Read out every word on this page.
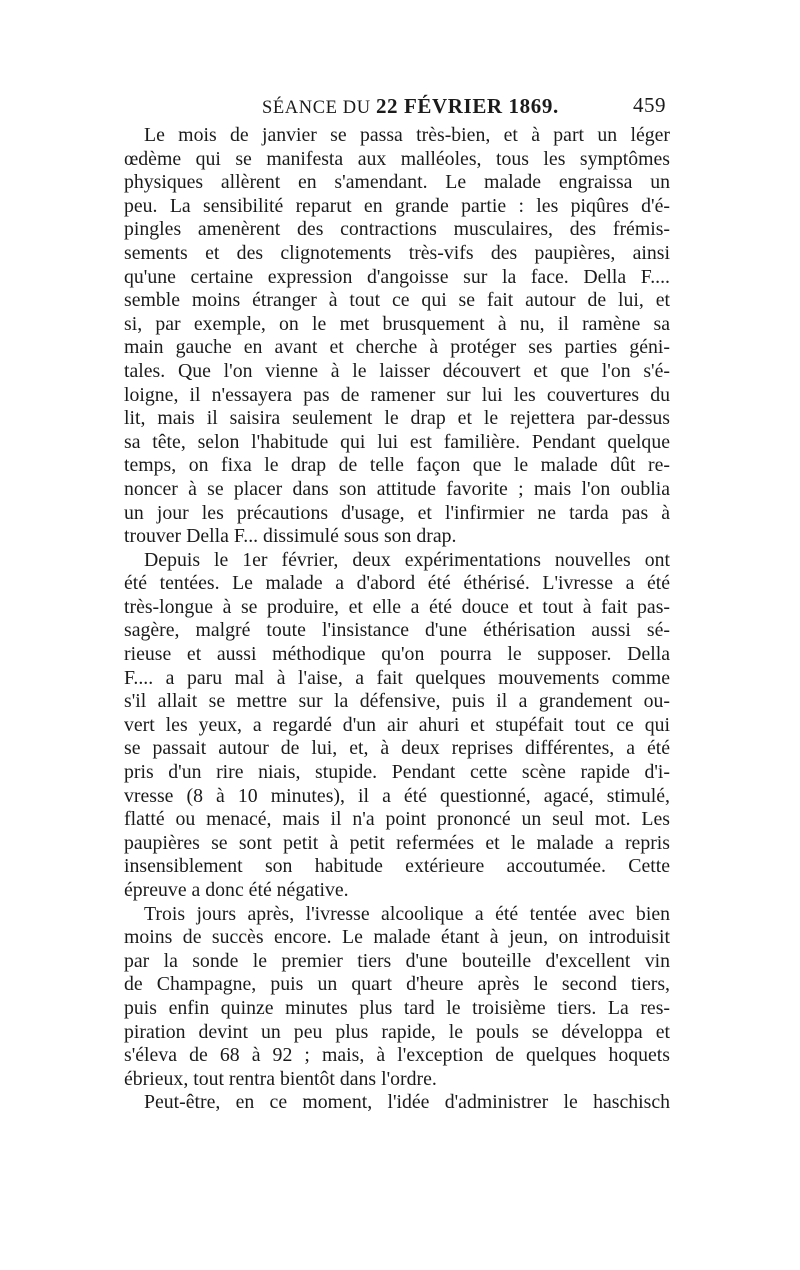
SÉANCE DU 22 FÉVRIER 1869.	459
Le mois de janvier se passa très-bien, et à part un léger
œdème qui se manifesta aux malléoles, tous les symptômes
physiques allèrent en s'amendant. Le malade engraissa un
peu. La sensibilité reparut en grande partie : les piqûres d'é-
pingles amenèrent des contractions musculaires, des frémis-
sements et des clignotements très-vifs des paupières, ainsi
qu'une certaine expression d'angoisse sur la face. Della F....
semble moins étranger à tout ce qui se fait autour de lui, et
si, par exemple, on le met brusquement à nu, il ramène sa
main gauche en avant et cherche à protéger ses parties géni-
tales. Que l'on vienne à le laisser découvert et que l'on s'é-
loigne, il n'essayera pas de ramener sur lui les couvertures du
lit, mais il saisira seulement le drap et le rejettera par-dessus
sa tête, selon l'habitude qui lui est familière. Pendant quelque
temps, on fixa le drap de telle façon que le malade dût re-
noncer à se placer dans son attitude favorite ; mais l'on oublia
un jour les précautions d'usage, et l'infirmier ne tarda pas à
trouver Della F... dissimulé sous son drap.
Depuis le 1er février, deux expérimentations nouvelles ont
été tentées. Le malade a d'abord été éthérisé. L'ivresse a été
très-longue à se produire, et elle a été douce et tout à fait pas-
sagère, malgré toute l'insistance d'une éthérisation aussi sé-
rieuse et aussi méthodique qu'on pourra le supposer. Della
F.... a paru mal à l'aise, a fait quelques mouvements comme
s'il allait se mettre sur la défensive, puis il a grandement ou-
vert les yeux, a regardé d'un air ahuri et stupéfait tout ce qui
se passait autour de lui, et, à deux reprises différentes, a été
pris d'un rire niais, stupide. Pendant cette scène rapide d'i-
vresse (8 à 10 minutes), il a été questionné, agacé, stimulé,
flatté ou menacé, mais il n'a point prononcé un seul mot. Les
paupières se sont petit à petit refermées et le malade a repris
insensiblement son habitude extérieure accoutumée. Cette
épreuve a donc été négative.
Trois jours après, l'ivresse alcoolique a été tentée avec bien
moins de succès encore. Le malade étant à jeun, on introduisit
par la sonde le premier tiers d'une bouteille d'excellent vin
de Champagne, puis un quart d'heure après le second tiers,
puis enfin quinze minutes plus tard le troisième tiers. La res-
piration devint un peu plus rapide, le pouls se développa et
s'éleva de 68 à 92 ; mais, à l'exception de quelques hoquets
ébrieux, tout rentra bientôt dans l'ordre.
Peut-être, en ce moment, l'idée d'administrer le haschisch
